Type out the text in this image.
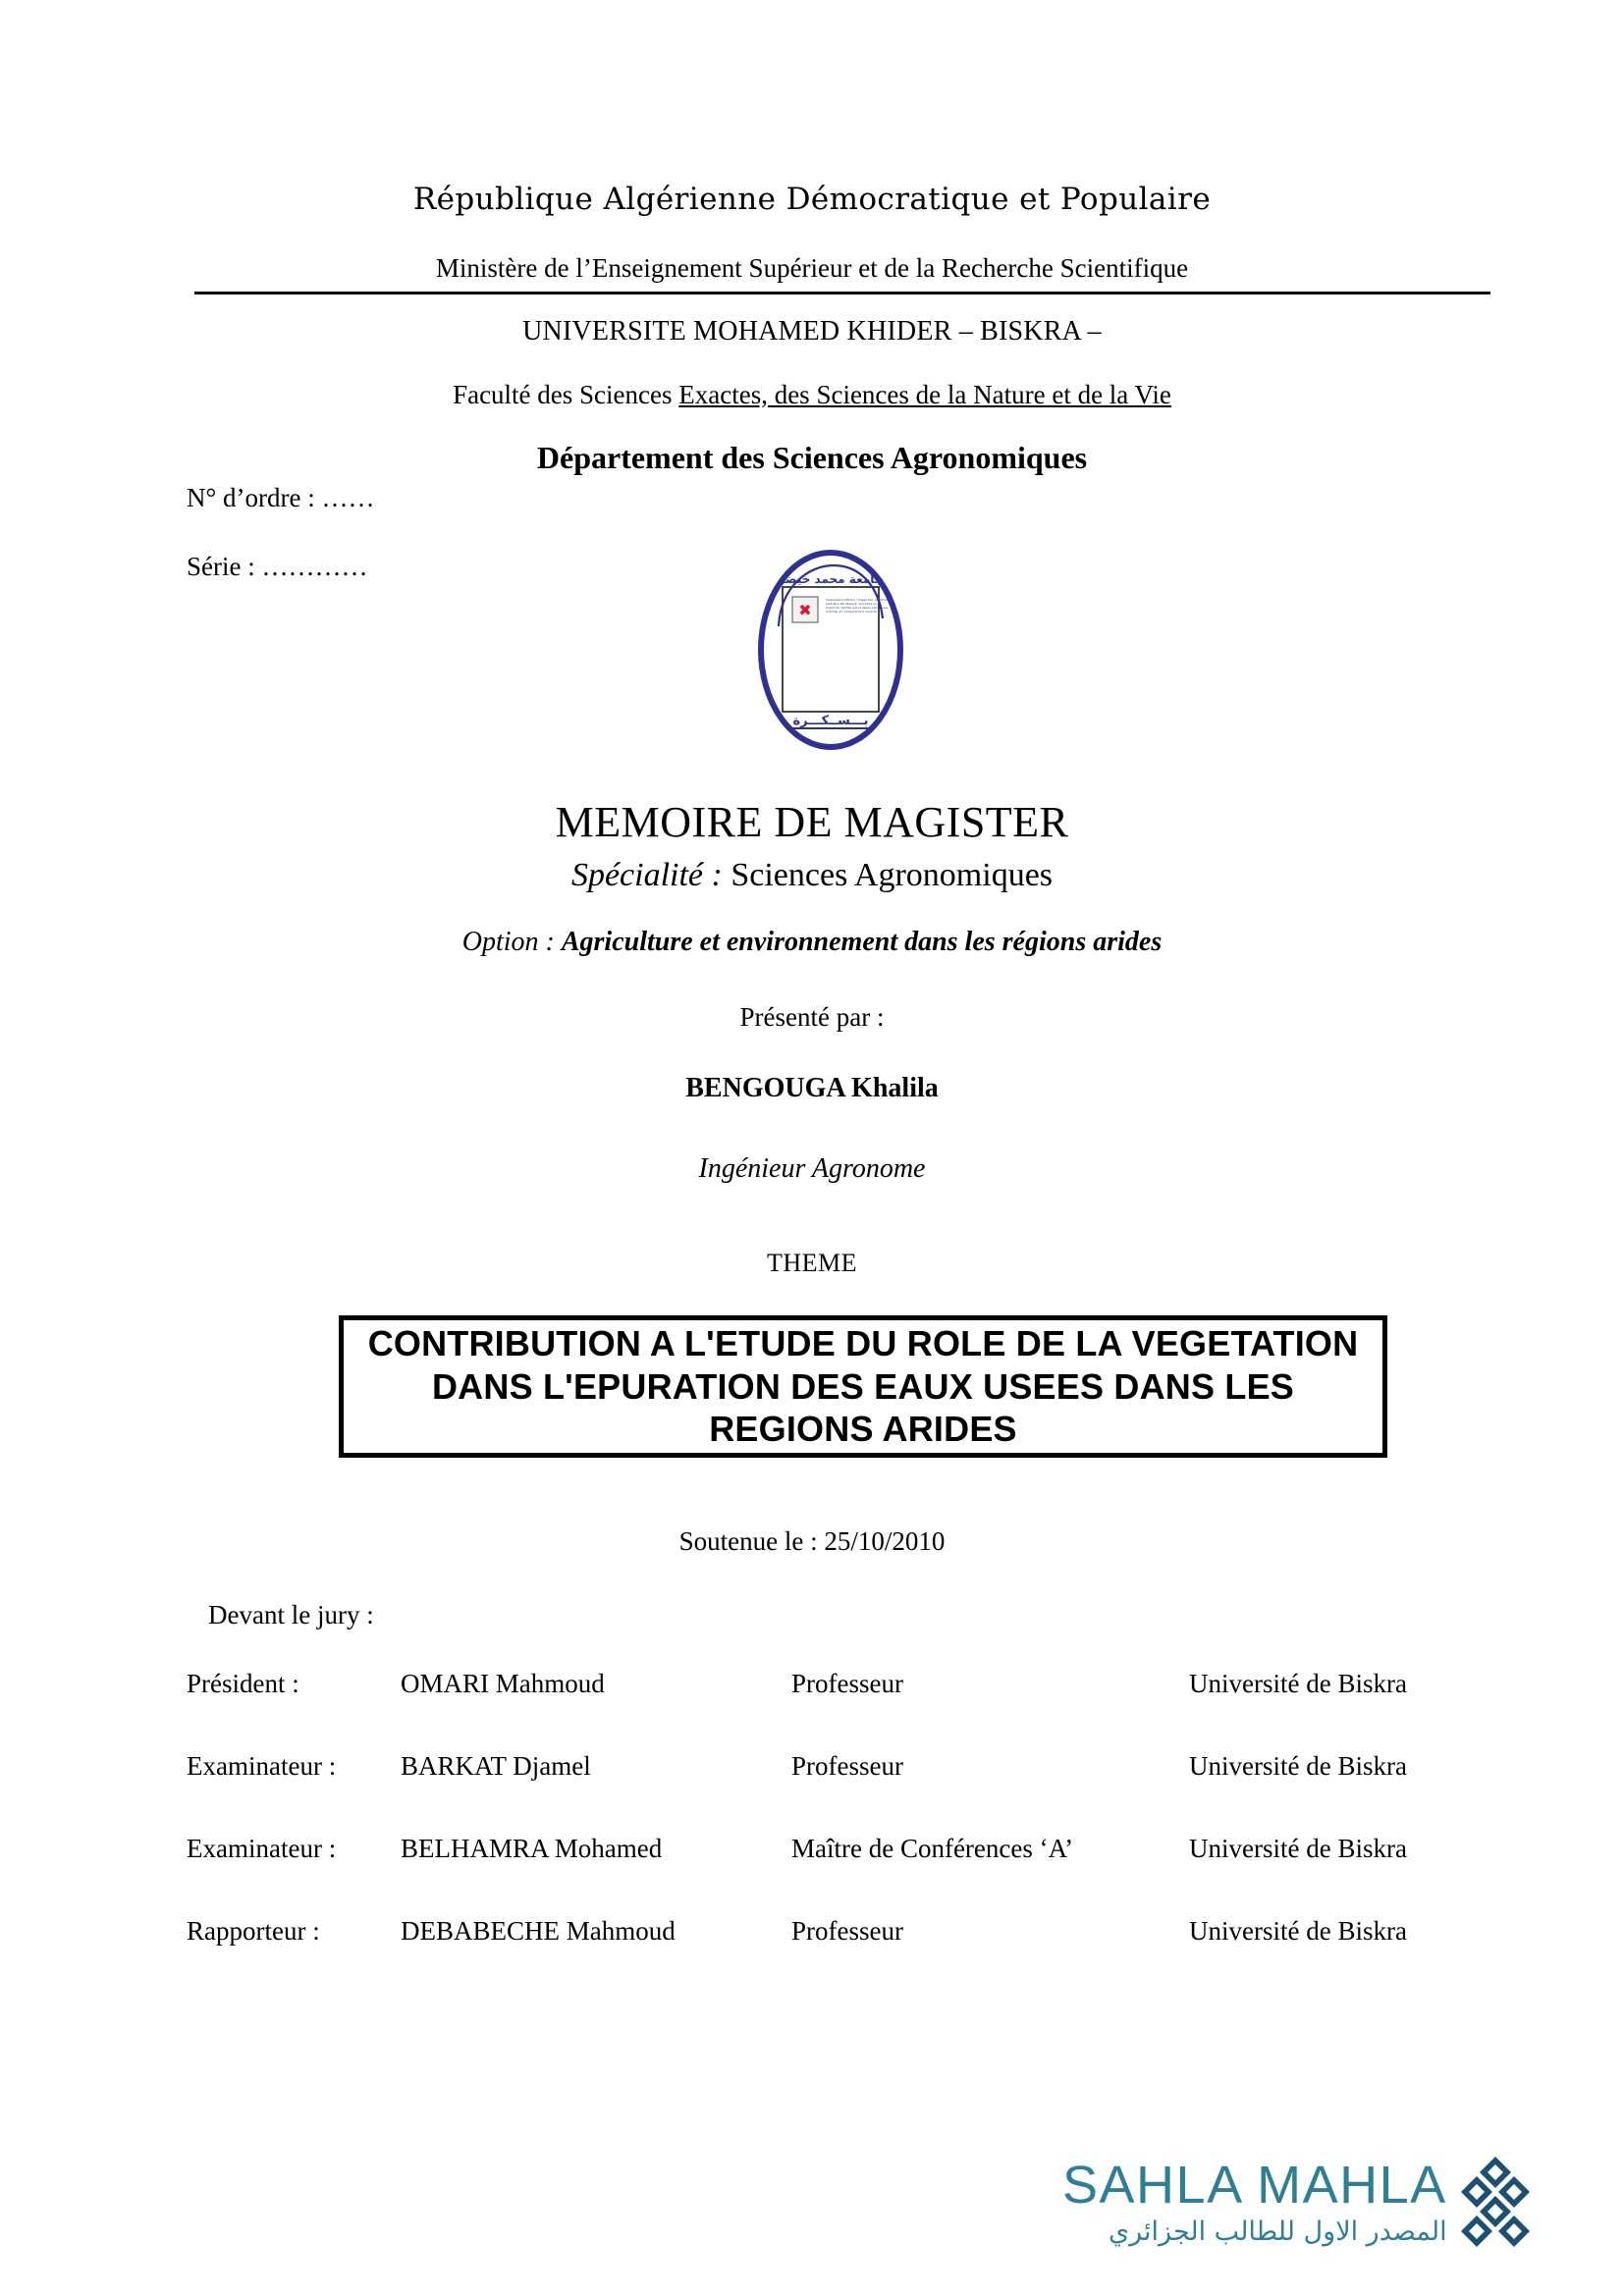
République Algérienne Démocratique et Populaire
Ministère de l’Enseignement Supérieur et de la Recherche Scientifique
UNIVERSITE MOHAMED KHIDER – BISKRA –
Faculté des Sciences Exactes, des Sciences de la Nature et de la Vie
Département des Sciences Agronomiques
N° d’ordre : ……
Série : …………
✖
Impossible d’afficher l’image liée. Le fichier a
peut-être été déplacé, renommé ou
supprimé. Vérifiez que la liaison pointe vers
le fichier et l’emplacement corrects.
جامعة محمد خيضر
بـــســكـــرة
MEMOIRE DE MAGISTER
Spécialité : Sciences Agronomiques
Option : Agriculture et environnement dans les régions arides
Présenté par :
BENGOUGA Khalila
Ingénieur Agronome
THEME
CONTRIBUTION A L'ETUDE DU ROLE DE LA VEGETATION DANS L'EPURATION DES EAUX USEES DANS LES REGIONS ARIDES
Soutenue le : 25/10/2010
Devant le jury :
Président :	OMARI Mahmoud	Professeur	Université de Biskra
Examinateur :	BARKAT Djamel	Professeur	Université de Biskra
Examinateur :	BELHAMRA Mohamed	Maître de Conférences ‘A’	Université de Biskra
Rapporteur :	DEBABECHE Mahmoud	Professeur	Université de Biskra
SAHLA MAHLA
المصدر الاول للطالب الجزائري
